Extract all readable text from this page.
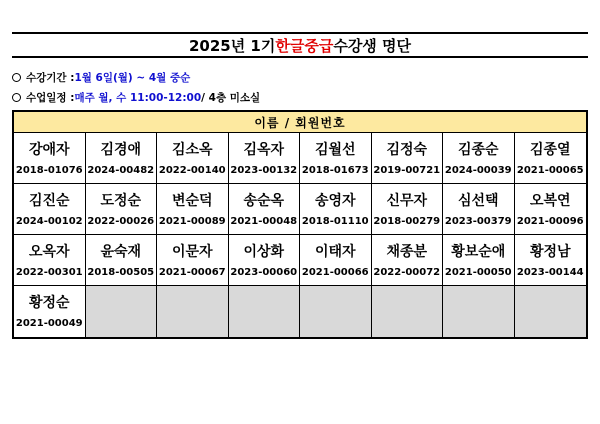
2025년 1기 한글중급 수강생 명단
수강기간 : 1월 6일(월) ~ 4월 중순
수업일정 : 매주 월, 수 11:00-12:00 / 4층 미소실
이름 / 회원번호
강애자
2018-01076
김경애
2024-00482
김소옥
2022-00140
김옥자
2023-00132
김월선
2018-01673
김정숙
2019-00721
김종순
2024-00039
김종열
2021-00065
김진순
2024-00102
도정순
2022-00026
변순덕
2021-00089
송순옥
2021-00048
송영자
2018-01110
신무자
2018-00279
심선택
2023-00379
오복연
2021-00096
오옥자
2022-00301
윤숙재
2018-00505
이문자
2021-00067
이상화
2023-00060
이태자
2021-00066
채종분
2022-00072
황보순애
2021-00050
황정남
2023-00144
황정순
2021-00049
